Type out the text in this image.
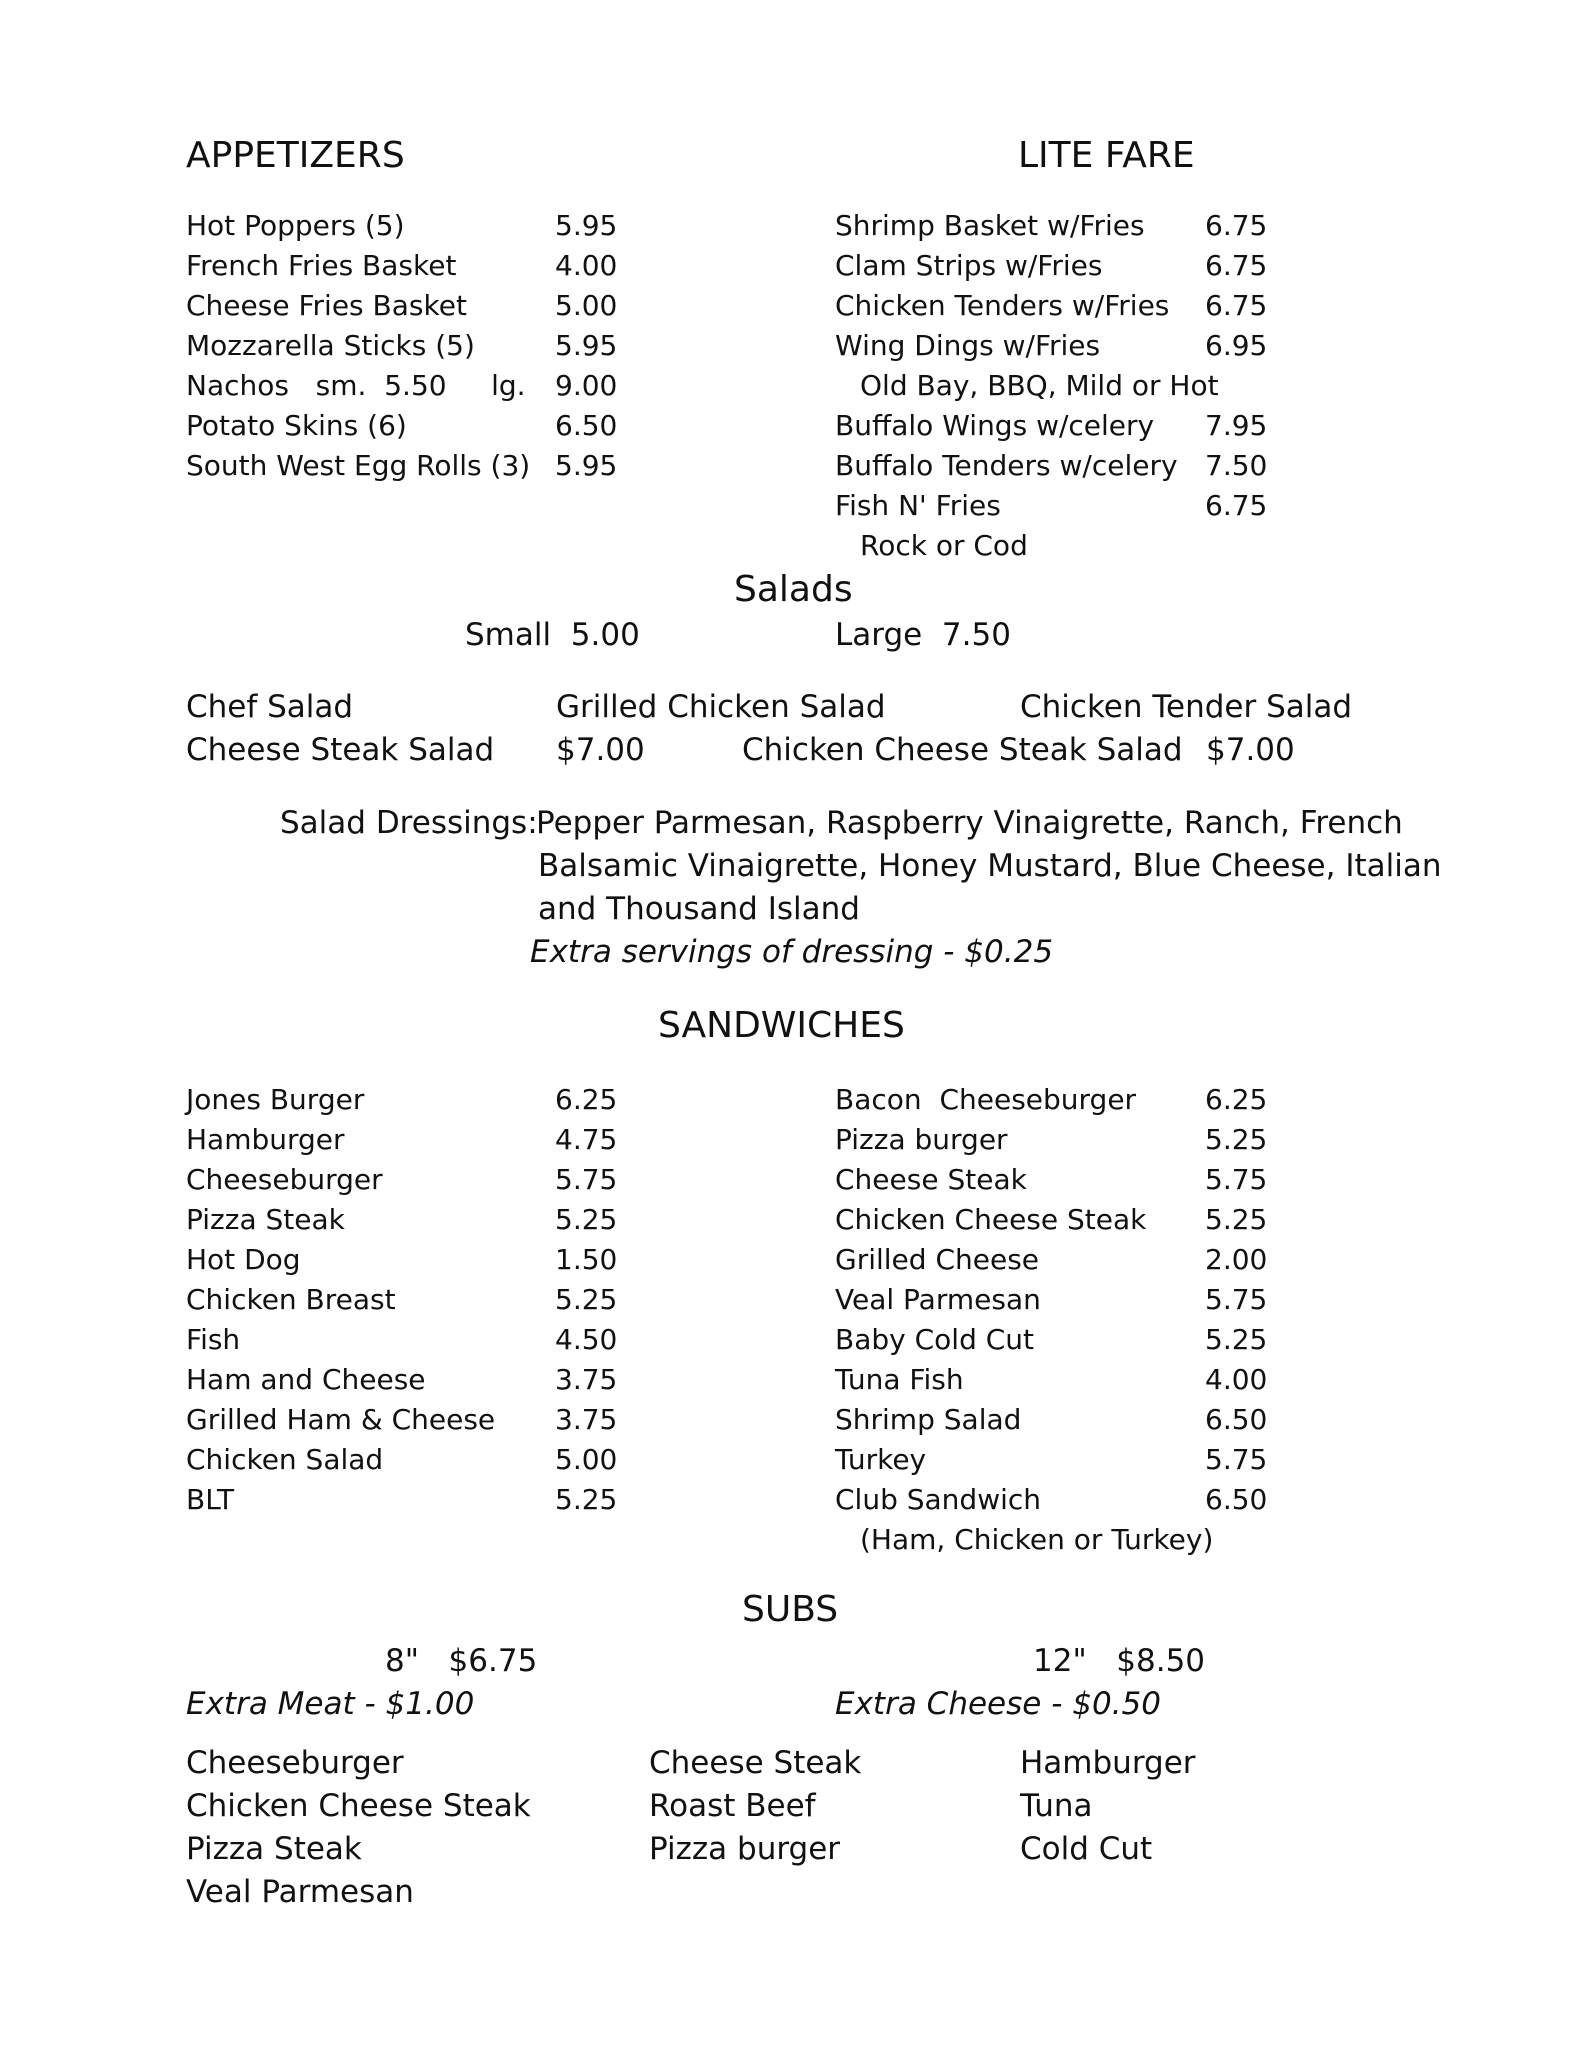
APPETIZERS
Hot Poppers (5)	5.95
French Fries Basket	4.00
Cheese Fries Basket	5.00
Mozzarella Sticks (5)	5.95
Nachos   sm.  5.50     lg. 9.00
Potato Skins (6)	6.50
South West Egg Rolls (3) 5.95
LITE FARE
Shrimp Basket w/Fries 6.75
Clam Strips w/Fries	6.75
Chicken Tenders w/Fries 6.75
Wing Dings w/Fries	6.95
Old Bay, BBQ, Mild or Hot
Buffalo Wings w/celery 7.95
Buffalo Tenders w/celery 7.50
Fish N' Fries	6.75
Rock or Cod
Salads
Small  5.00	Large  7.50
Chef Salad	Grilled Chicken Salad	Chicken Tender Salad
Cheese Steak Salad $7.00	Chicken Cheese Steak Salad $7.00
Salad Dressings:
Pepper Parmesan, Raspberry Vinaigrette, Ranch, French
Balsamic Vinaigrette, Honey Mustard, Blue Cheese, Italian
and Thousand Island
Extra servings of dressing - $0.25
SANDWICHES
Jones Burger	6.25
Hamburger	4.75
Cheeseburger	5.75
Pizza Steak	5.25
Hot Dog	1.50
Chicken Breast	5.25
Fish	4.50
Ham and Cheese	3.75
Grilled Ham & Cheese 3.75
Chicken Salad	5.00
BLT	5.25
Bacon  Cheeseburger 6.25
Pizza burger	5.25
Cheese Steak	5.75
Chicken Cheese Steak 5.25
Grilled Cheese	2.00
Veal Parmesan	5.75
Baby Cold Cut	5.25
Tuna Fish	4.00
Shrimp Salad	6.50
Turkey	5.75
Club Sandwich	6.50
(Ham, Chicken or Turkey)
SUBS
8"   $6.75	12"   $8.50
Extra Meat - $1.00	Extra Cheese - $0.50
Cheeseburger
Chicken Cheese Steak
Pizza Steak
Veal Parmesan
Cheese Steak
Roast Beef
Pizza burger
Hamburger
Tuna
Cold Cut
